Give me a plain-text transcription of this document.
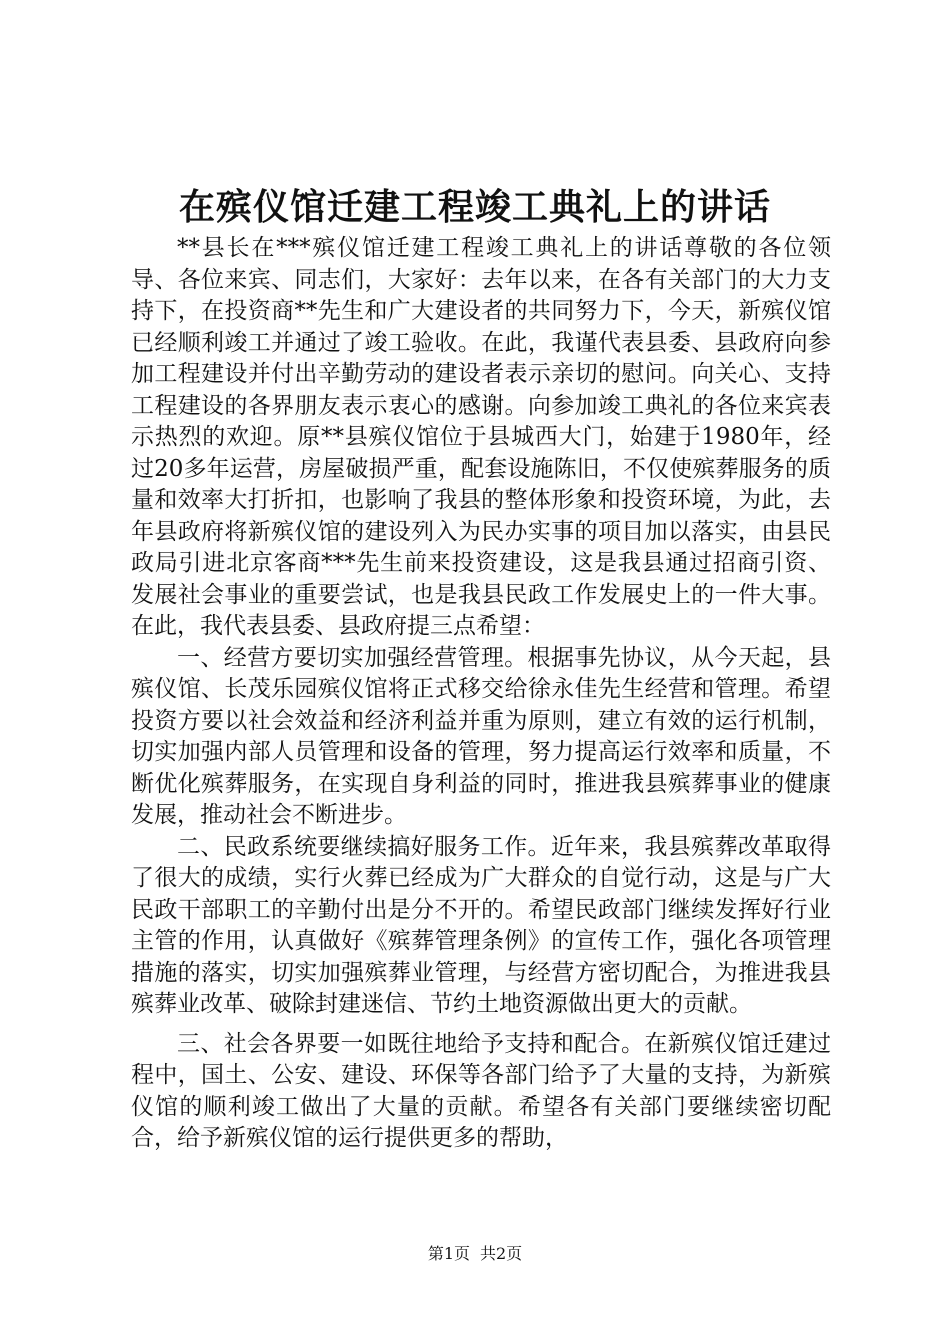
在殡仪馆迁建工程竣工典礼上的讲话

**县长在***殡仪馆迁建工程竣工典礼上的讲话尊敬的各位领导、各位来宾、同志们，大家好：去年以来，在各有关部门的大力支持下，在投资商**先生和广大建设者的共同努力下，今天，新殡仪馆已经顺利竣工并通过了竣工验收。在此，我谨代表县委、县政府向参加工程建设并付出辛勤劳动的建设者表示亲切的慰问。向关心、支持工程建设的各界朋友表示衷心的感谢。向参加竣工典礼的各位来宾表示热烈的欢迎。原**县殡仪馆位于县城西大门，始建于1980年，经过20多年运营，房屋破损严重，配套设施陈旧，不仅使殡葬服务的质量和效率大打折扣，也影响了我县的整体形象和投资环境，为此，去年县政府将新殡仪馆的建设列入为民办实事的项目加以落实，由县民政局引进北京客商***先生前来投资建设，这是我县通过招商引资、发展社会事业的重要尝试，也是我县民政工作发展史上的一件大事。在此，我代表县委、县政府提三点希望：

一、经营方要切实加强经营管理。根据事先协议，从今天起，县殡仪馆、长茂乐园殡仪馆将正式移交给徐永佳先生经营和管理。希望投资方要以社会效益和经济利益并重为原则，建立有效的运行机制，切实加强内部人员管理和设备的管理，努力提高运行效率和质量，不断优化殡葬服务，在实现自身利益的同时，推进我县殡葬事业的健康发展，推动社会不断进步。

二、民政系统要继续搞好服务工作。近年来，我县殡葬改革取得了很大的成绩，实行火葬已经成为广大群众的自觉行动，这是与广大民政干部职工的辛勤付出是分不开的。希望民政部门继续发挥好行业主管的作用，认真做好《殡葬管理条例》的宣传工作，强化各项管理措施的落实，切实加强殡葬业管理，与经营方密切配合，为推进我县殡葬业改革、破除封建迷信、节约土地资源做出更大的贡献。

三、社会各界要一如既往地给予支持和配合。在新殡仪馆迁建过程中，国土、公安、建设、环保等各部门给予了大量的支持，为新殡仪馆的顺利竣工做出了大量的贡献。希望各有关部门要继续密切配合，给予新殡仪馆的运行提供更多的帮助，

第1页 共2页
